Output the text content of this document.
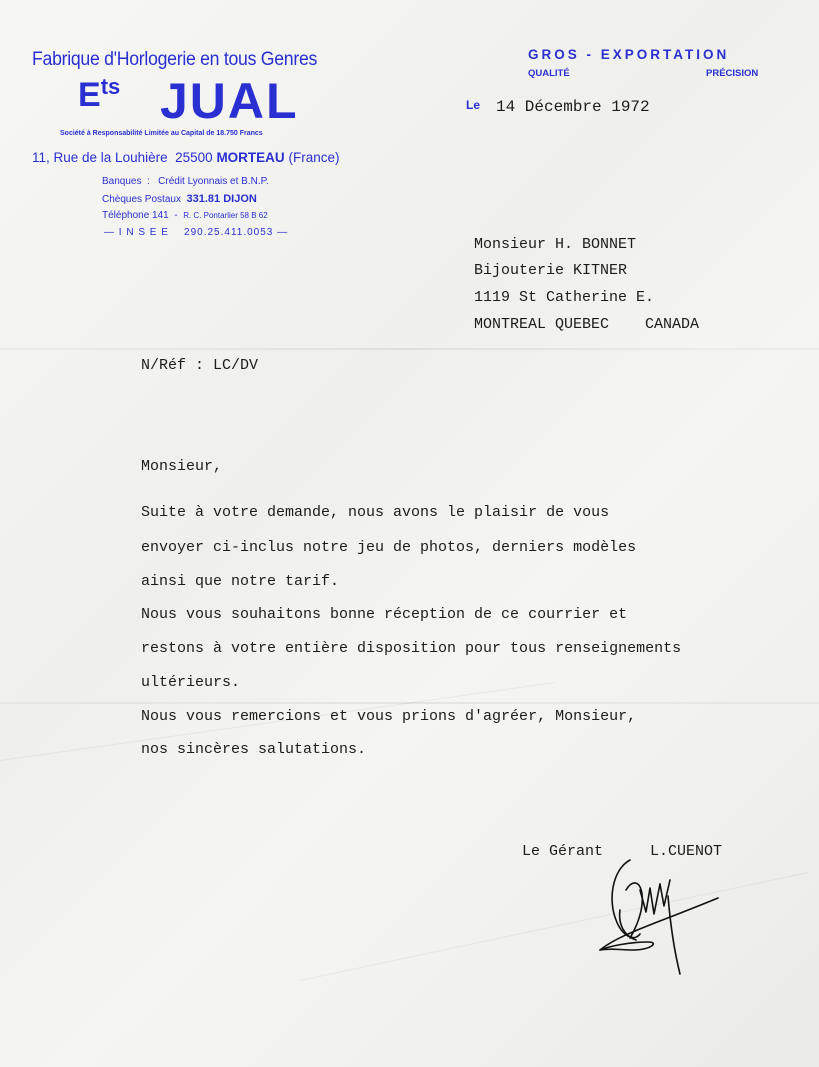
Fabrique d'Horlogerie en tous Genres
$E^{ts}$ JUAL
Société à Responsabilité Limitée au Capital de 18.750 Francs
11, Rue de la Louhière 25500 MORTEAU (France)
Banques  :   Crédit Lyonnais et B.N.P.
Chèques Postaux 331.81 DIJON
Téléphone 141  -  R. C. Pontarlier 58 B 62
— I N S E E 290.25.411.0053 —
GROS - EXPORTATION
QUALITÉ	PRÉCISION
Le 14 Décembre 1972
Monsieur H. BONNET
Bijouterie KITNER
1119 St Catherine E.
MONTREAL QUEBEC    CANADA
N/Réf : LC/DV
Monsieur,
Suite à votre demande, nous avons le plaisir de vous
envoyer ci-inclus notre jeu de photos, derniers modèles
ainsi que notre tarif.
Nous vous souhaitons bonne réception de ce courrier et
restons à votre entière disposition pour tous renseignements
ultérieurs.
Nous vous remercions et vous prions d'agréer, Monsieur,
nos sincères salutations.
Le Gérant	L.CUENOT
